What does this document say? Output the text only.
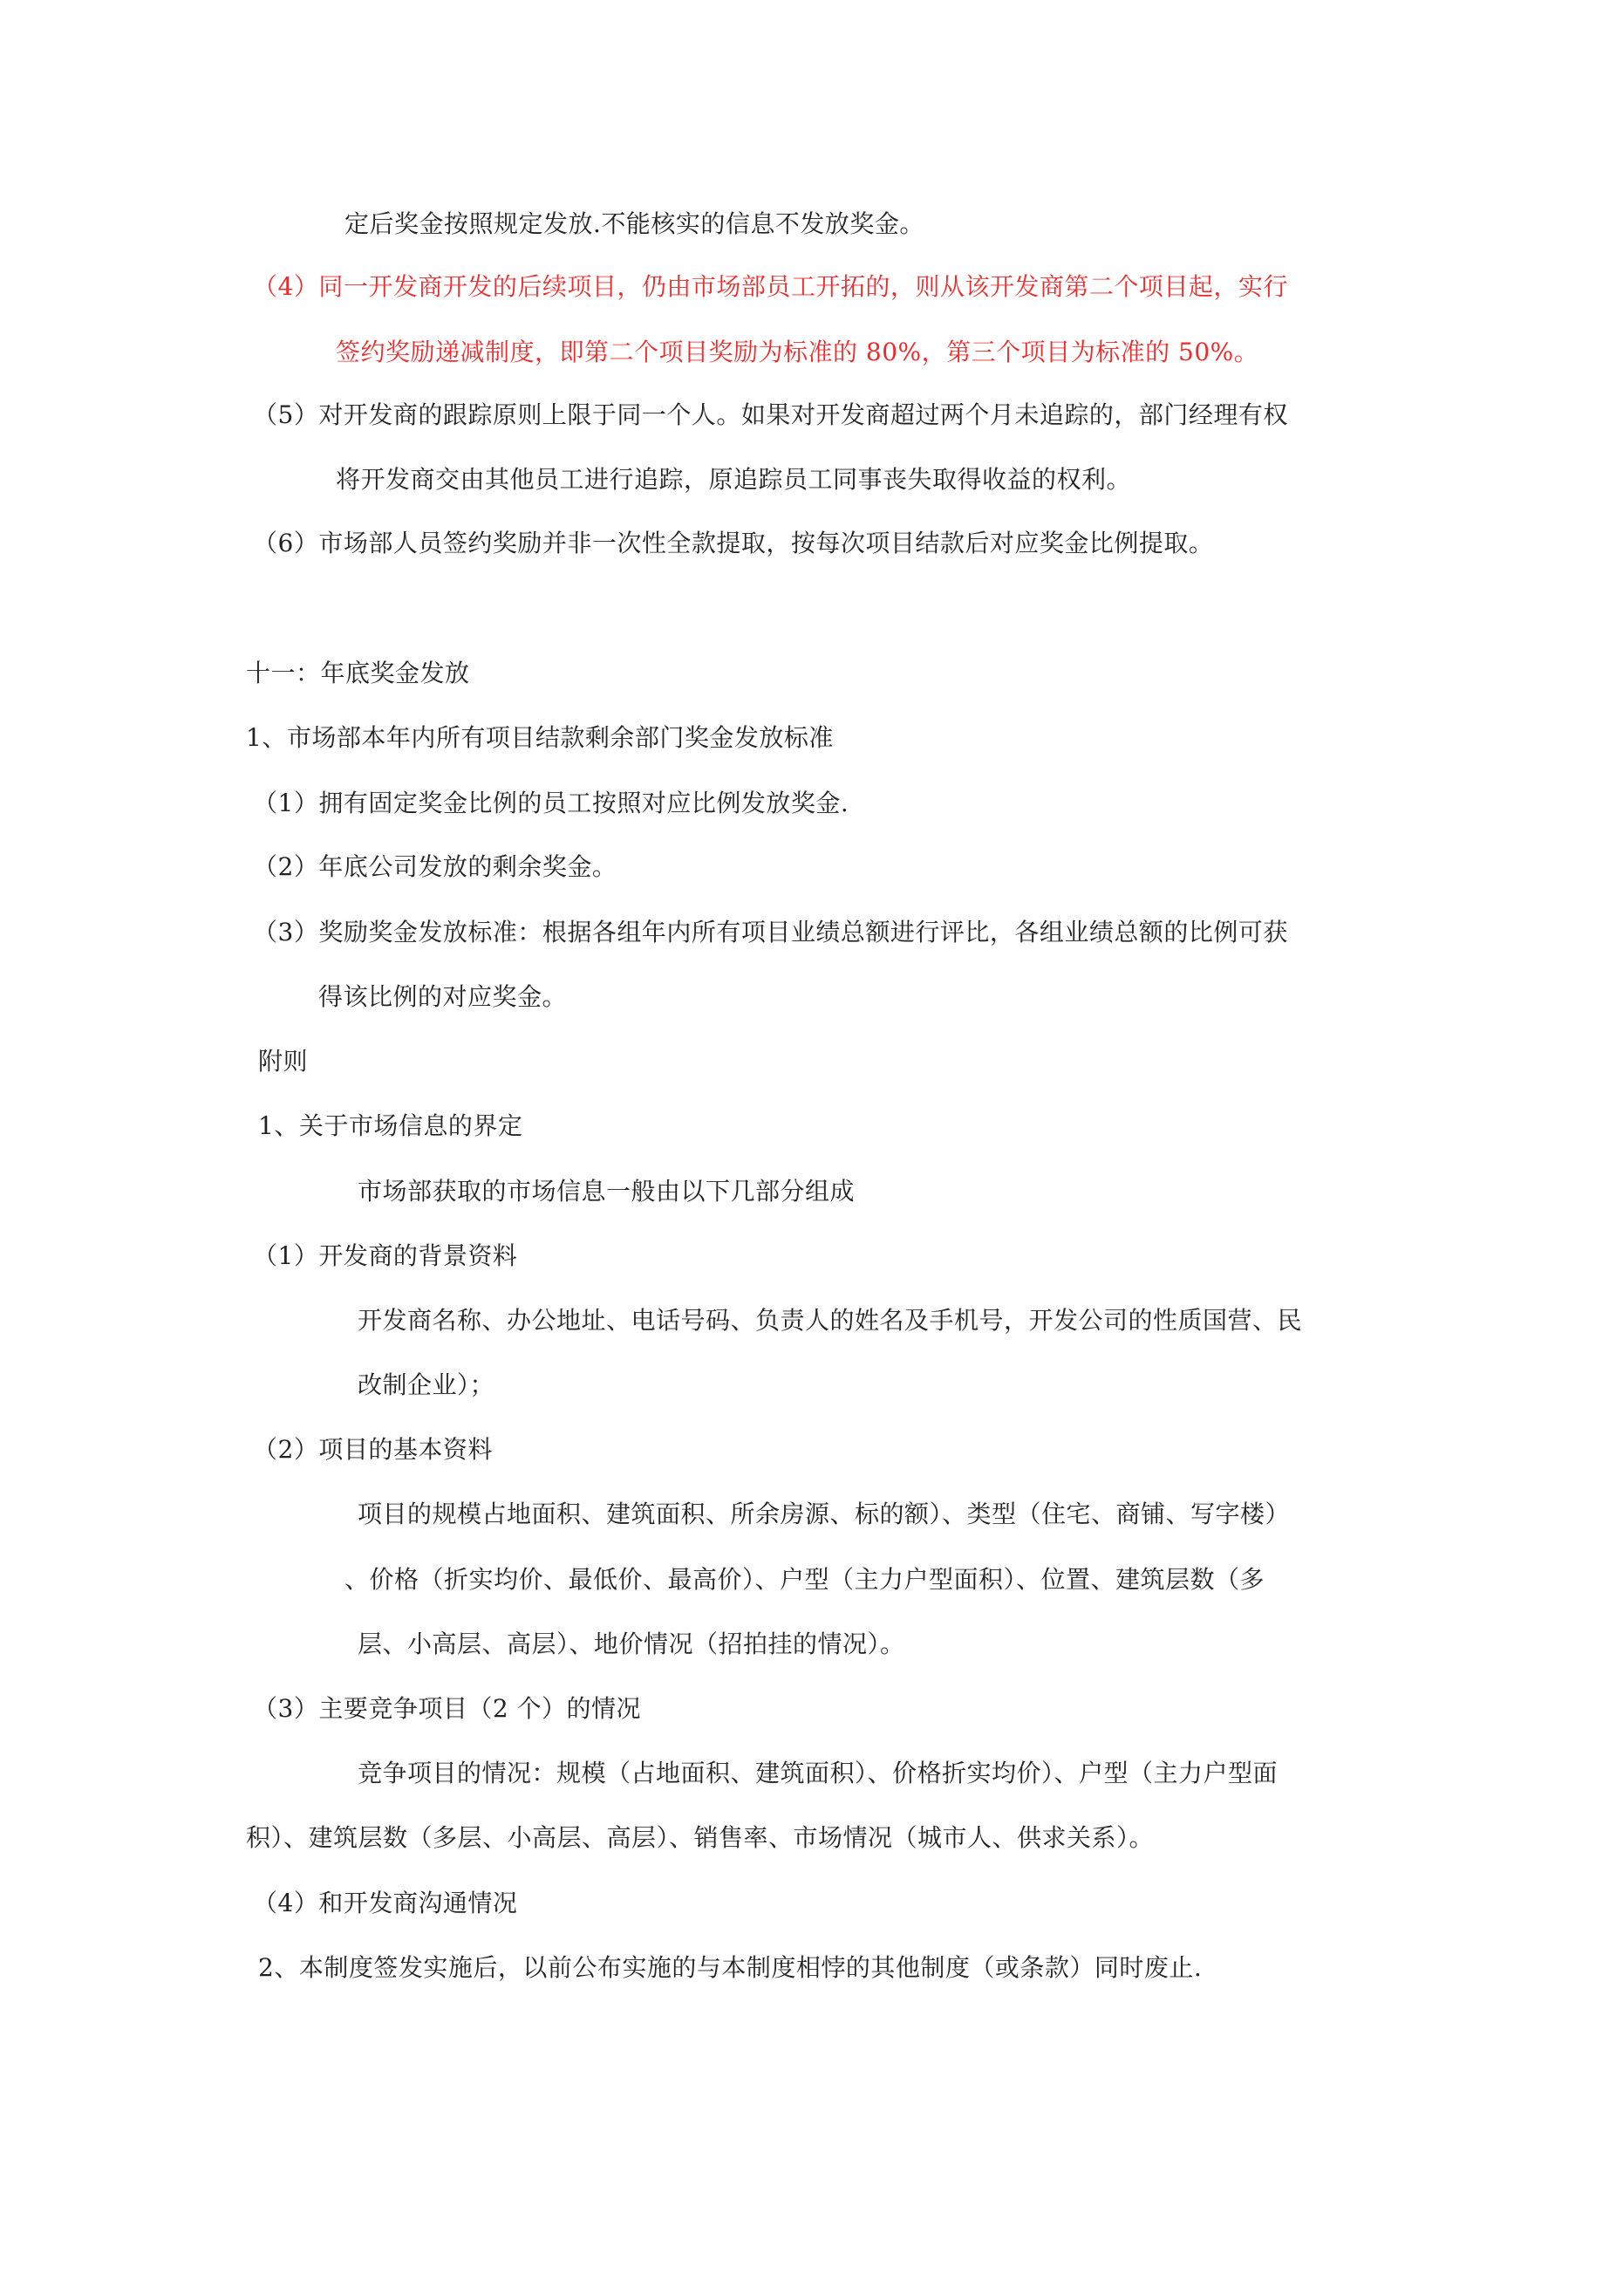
定后奖金按照规定发放.不能核实的信息不发放奖金。
（4）同一开发商开发的后续项目，仍由市场部员工开拓的，则从该开发商第二个项目起，实行
签约奖励递减制度，即第二个项目奖励为标准的 80%，第三个项目为标准的 50%。
（5）对开发商的跟踪原则上限于同一个人。如果对开发商超过两个月未追踪的，部门经理有权
将开发商交由其他员工进行追踪，原追踪员工同事丧失取得收益的权利。
（6）市场部人员签约奖励并非一次性全款提取，按每次项目结款后对应奖金比例提取。
十一：年底奖金发放
1、市场部本年内所有项目结款剩余部门奖金发放标准
（1）拥有固定奖金比例的员工按照对应比例发放奖金.
（2）年底公司发放的剩余奖金。
（3）奖励奖金发放标准：根据各组年内所有项目业绩总额进行评比，各组业绩总额的比例可获
得该比例的对应奖金。
附则
1、关于市场信息的界定
市场部获取的市场信息一般由以下几部分组成
（1）开发商的背景资料
开发商名称、办公地址、电话号码、负责人的姓名及手机号，开发公司的性质国营、民
改制企业）；
（2）项目的基本资料
项目的规模占地面积、建筑面积、所余房源、标的额）、类型（住宅、商铺、写字楼）
、价格（折实均价、最低价、最高价）、户型（主力户型面积）、位置、建筑层数（多
层、小高层、高层）、地价情况（招拍挂的情况）。
（3）主要竞争项目（2 个）的情况
竞争项目的情况：规模（占地面积、建筑面积）、价格折实均价）、户型（主力户型面
积）、建筑层数（多层、小高层、高层）、销售率、市场情况（城市人、供求关系）。
（4）和开发商沟通情况
2、本制度签发实施后，以前公布实施的与本制度相悖的其他制度（或条款）同时废止.
